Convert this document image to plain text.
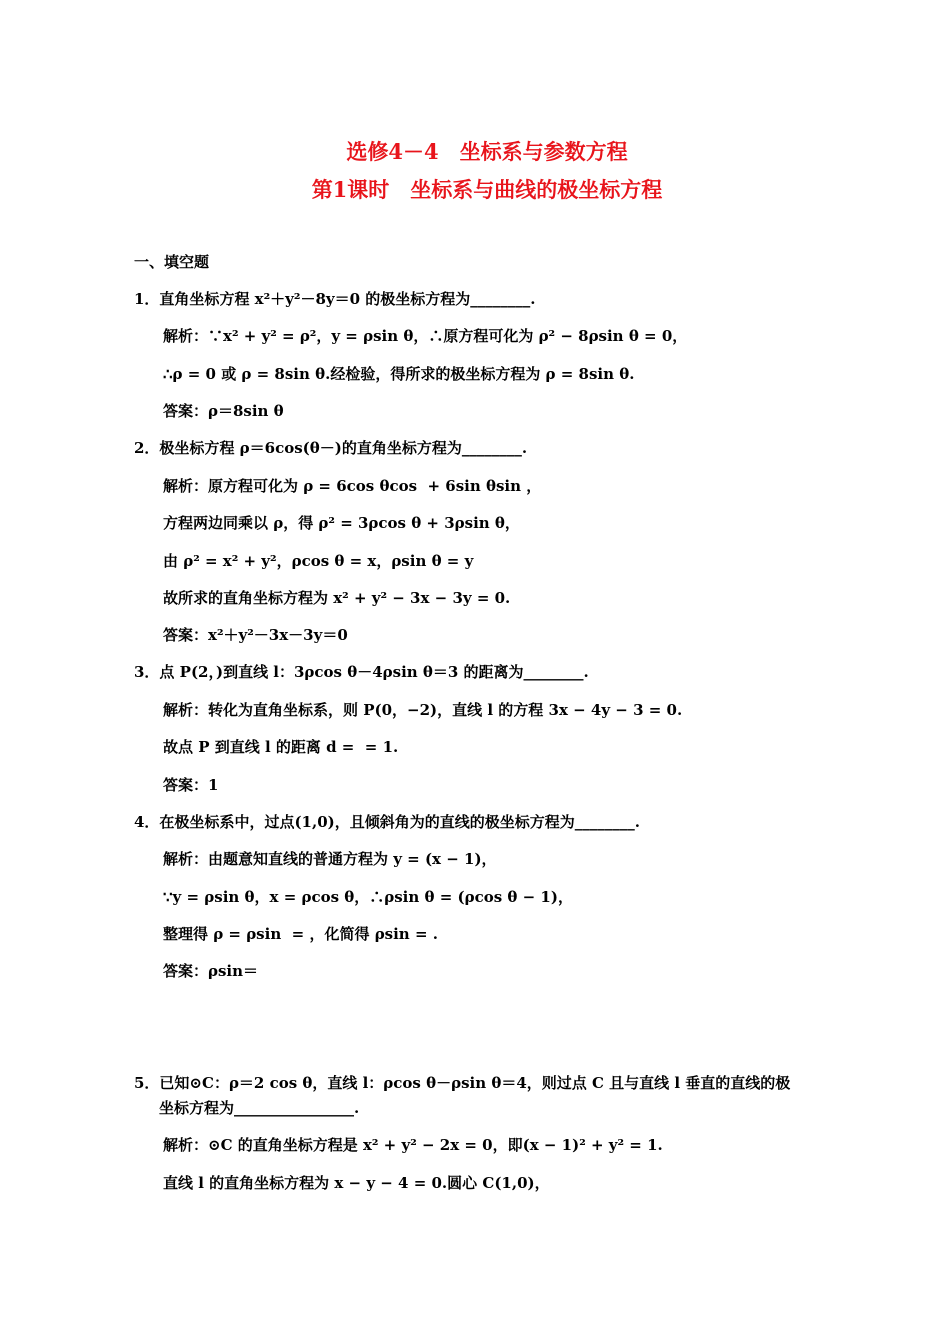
选修4－4　坐标系与参数方程
第1课时　坐标系与曲线的极坐标方程
一、填空题
1．直角坐标方程 x²＋y²－8y＝0 的极坐标方程为________.
解析：∵x² + y² = ρ²，y = ρsin θ，∴原方程可化为 ρ² − 8ρsin θ = 0，
∴ρ = 0 或 ρ = 8sin θ.经检验，得所求的极坐标方程为 ρ = 8sin θ.
答案：ρ＝8sin θ
2．极坐标方程 ρ＝6cos(θ－)的直角坐标方程为________.
解析：原方程可化为 ρ = 6cos θcos  + 6sin θsin ，
方程两边同乘以 ρ，得 ρ² = 3ρcos θ + 3ρsin θ，
由 ρ² = x² + y²，ρcos θ = x，ρsin θ = y
故所求的直角坐标方程为 x² + y² − 3x − 3y = 0.
答案：x²＋y²－3x－3y＝0
3．点 P(2，)到直线 l：3ρcos θ－4ρsin θ＝3 的距离为________.
解析：转化为直角坐标系，则 P(0，−2)，直线 l 的方程 3x − 4y − 3 = 0.
故点 P 到直线 l 的距离 d =  = 1.
答案：1
4．在极坐标系中，过点(1,0)，且倾斜角为的直线的极坐标方程为________.
解析：由题意知直线的普通方程为 y = (x − 1)，
∵y = ρsin θ，x = ρcos θ，∴ρsin θ = (ρcos θ − 1)，
整理得 ρ = ρsin  = ，化简得 ρsin = .
答案：ρsin＝
5．已知⊙C：ρ＝2 cos θ，直线 l：ρcos θ－ρsin θ＝4，则过点 C 且与直线 l 垂直的直线的极
坐标方程为________________.
解析：⊙C 的直角坐标方程是 x² + y² − 2x = 0，即(x − 1)² + y² = 1.
直线 l 的直角坐标方程为 x − y − 4 = 0.圆心 C(1,0)，
